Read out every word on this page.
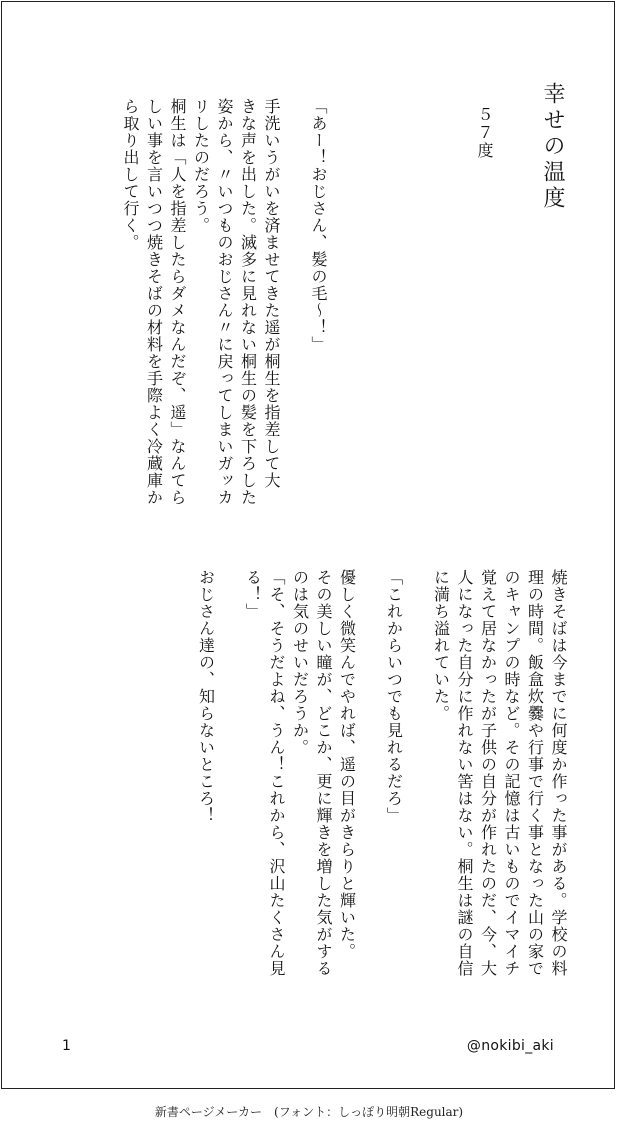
幸せの温度
５７度
「あー！おじさん、髪の毛〜！」

手洗いうがいを済ませてきた遥が桐生を指差して大
きな声を出した。滅多に見れない桐生の髪を下ろした
姿から、〃いつものおじさん〃に戻ってしまいガッカ
リしたのだろう。
桐生は「人を指差したらダメなんだぞ、遥」なんてら
しい事を言いつつ焼きそばの材料を手際よく冷蔵庫か
ら取り出して行く。
焼きそばは今までに何度か作った事がある。学校の料
理の時間。飯盒炊爨や行事で行く事となった山の家で
のキャンプの時など。その記憶は古いものでイマイチ
覚えて居なかったが子供の自分が作れたのだ、今、大
人になった自分に作れない筈はない。桐生は謎の自信
に満ち溢れていた。

「これからいつでも見れるだろ」

優しく微笑んでやれば、遥の目がきらりと輝いた。
その美しい瞳が、どこか、更に輝きを増した気がする
のは気のせいだろうか。
「そ、そうだよね、うん！これから、沢山たくさん見
る！」

おじさん達の、知らないところ！
1	@nokibi_aki
新書ページメーカー　(フォント：しっぽり明朝Regular)
